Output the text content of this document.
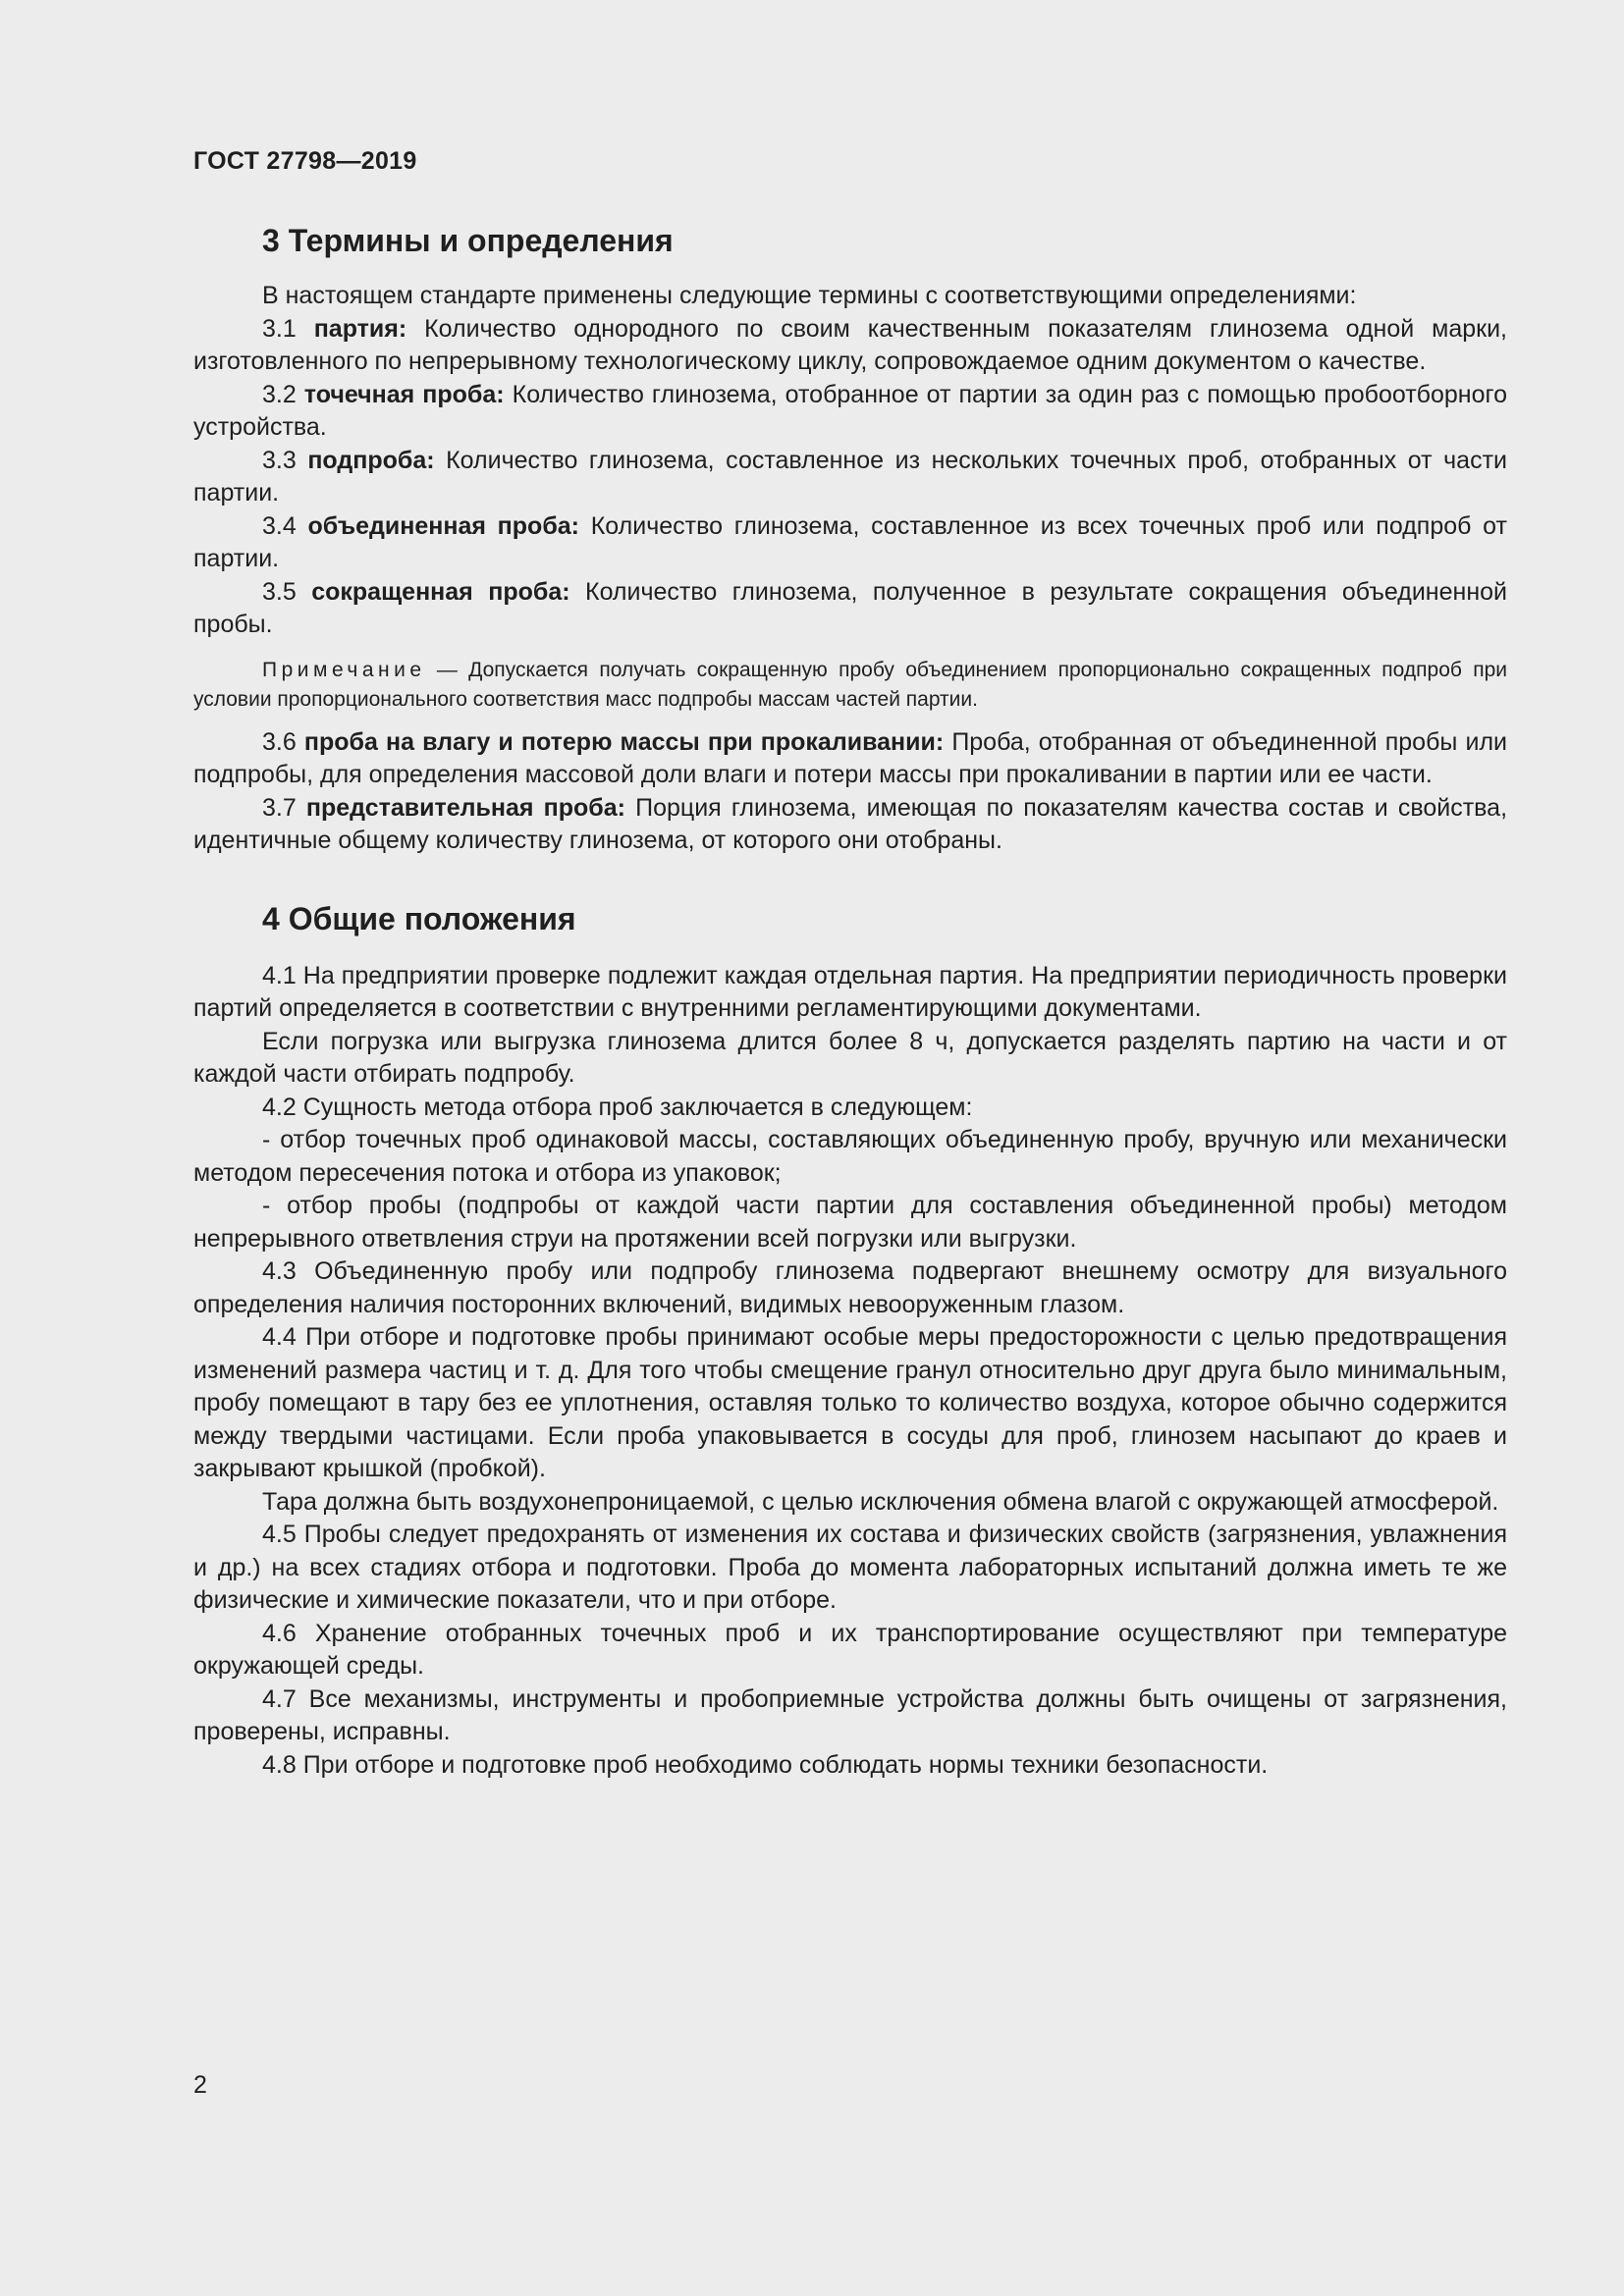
ГОСТ 27798—2019
3 Термины и определения

В настоящем стандарте применены следующие термины с соответствующими определениями:

3.1 партия: Количество однородного по своим качественным показателям глинозема одной марки, изготовленного по непрерывному технологическому циклу, сопровождаемое одним документом о качестве.

3.2 точечная проба: Количество глинозема, отобранное от партии за один раз с помощью пробоотборного устройства.

3.3 подпроба: Количество глинозема, составленное из нескольких точечных проб, отобранных от части партии.

3.4 объединенная проба: Количество глинозема, составленное из всех точечных проб или подпроб от партии.

3.5 сокращенная проба: Количество глинозема, полученное в результате сокращения объединенной пробы.

Примечание — Допускается получать сокращенную пробу объединением пропорционально сокращенных подпроб при условии пропорционального соответствия масс подпробы массам частей партии.

3.6 проба на влагу и потерю массы при прокаливании: Проба, отобранная от объединенной пробы или подпробы, для определения массовой доли влаги и потери массы при прокаливании в партии или ее части.

3.7 представительная проба: Порция глинозема, имеющая по показателям качества состав и свойства, идентичные общему количеству глинозема, от которого они отобраны.

4 Общие положения

4.1 На предприятии проверке подлежит каждая отдельная партия. На предприятии периодичность проверки партий определяется в соответствии с внутренними регламентирующими документами.

Если погрузка или выгрузка глинозема длится более 8 ч, допускается разделять партию на части и от каждой части отбирать подпробу.

4.2 Сущность метода отбора проб заключается в следующем:

- отбор точечных проб одинаковой массы, составляющих объединенную пробу, вручную или механически методом пересечения потока и отбора из упаковок;

- отбор пробы (подпробы от каждой части партии для составления объединенной пробы) методом непрерывного ответвления струи на протяжении всей погрузки или выгрузки.

4.3 Объединенную пробу или подпробу глинозема подвергают внешнему осмотру для визуального определения наличия посторонних включений, видимых невооруженным глазом.

4.4 При отборе и подготовке пробы принимают особые меры предосторожности с целью предотвращения изменений размера частиц и т. д. Для того чтобы смещение гранул относительно друг друга было минимальным, пробу помещают в тару без ее уплотнения, оставляя только то количество воздуха, которое обычно содержится между твердыми частицами. Если проба упаковывается в сосуды для проб, глинозем насыпают до краев и закрывают крышкой (пробкой).

Тара должна быть воздухонепроницаемой, с целью исключения обмена влагой с окружающей атмосферой.

4.5 Пробы следует предохранять от изменения их состава и физических свойств (загрязнения, увлажнения и др.) на всех стадиях отбора и подготовки. Проба до момента лабораторных испытаний должна иметь те же физические и химические показатели, что и при отборе.

4.6 Хранение отобранных точечных проб и их транспортирование осуществляют при температуре окружающей среды.

4.7 Все механизмы, инструменты и пробоприемные устройства должны быть очищены от загрязнения, проверены, исправны.

4.8 При отборе и подготовке проб необходимо соблюдать нормы техники безопасности.

2
